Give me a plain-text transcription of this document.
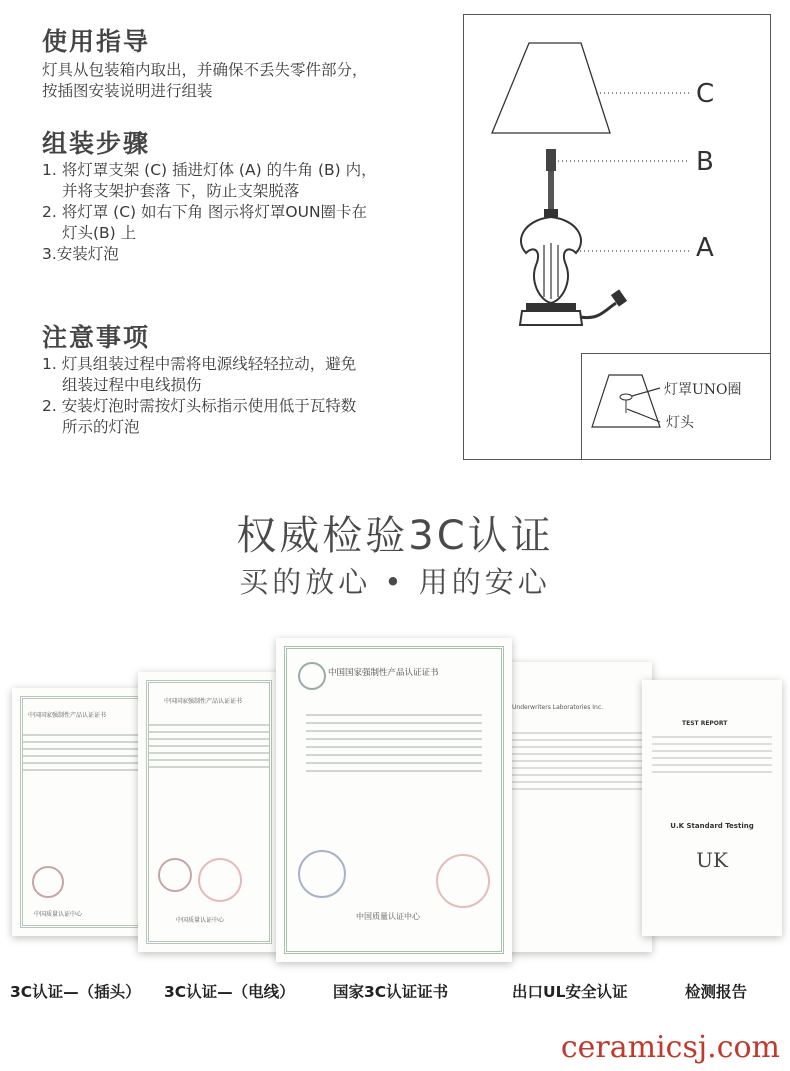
使用指导

灯具从包装箱内取出，并确保不丢失零件部分，

按插图安装说明进行组装

组装步骤

1. 将灯罩支架 (C) 插进灯体 (A) 的牛角 (B) 内，

并将支架护套落 下，防止支架脱落

2. 将灯罩 (C) 如右下角 图示将灯罩OUN圈卡在

灯头(B) 上

3.安装灯泡

注意事项

1. 灯具组装过程中需将电源线轻轻拉动，避免

组装过程中电线损伤

2. 安装灯泡时需按灯头标指示使用低于瓦特数

所示的灯泡

C
B
A
灯罩UNO圈
灯头
权威检验3C认证
买的放心 • 用的安心
中国国家强制性产品认证证书
中国质量认证中心
中国国家强制性产品认证证书
中国质量认证中心
中国国家强制性产品认证证书
中国质量认证中心
Underwriters Laboratories Inc.
TEST REPORT
U.K Standard Testing
UK
3C认证—（插头） 3C认证—（电线） 国家3C认证证书	出口UL安全认证	检测报告
ceramicsj.com
